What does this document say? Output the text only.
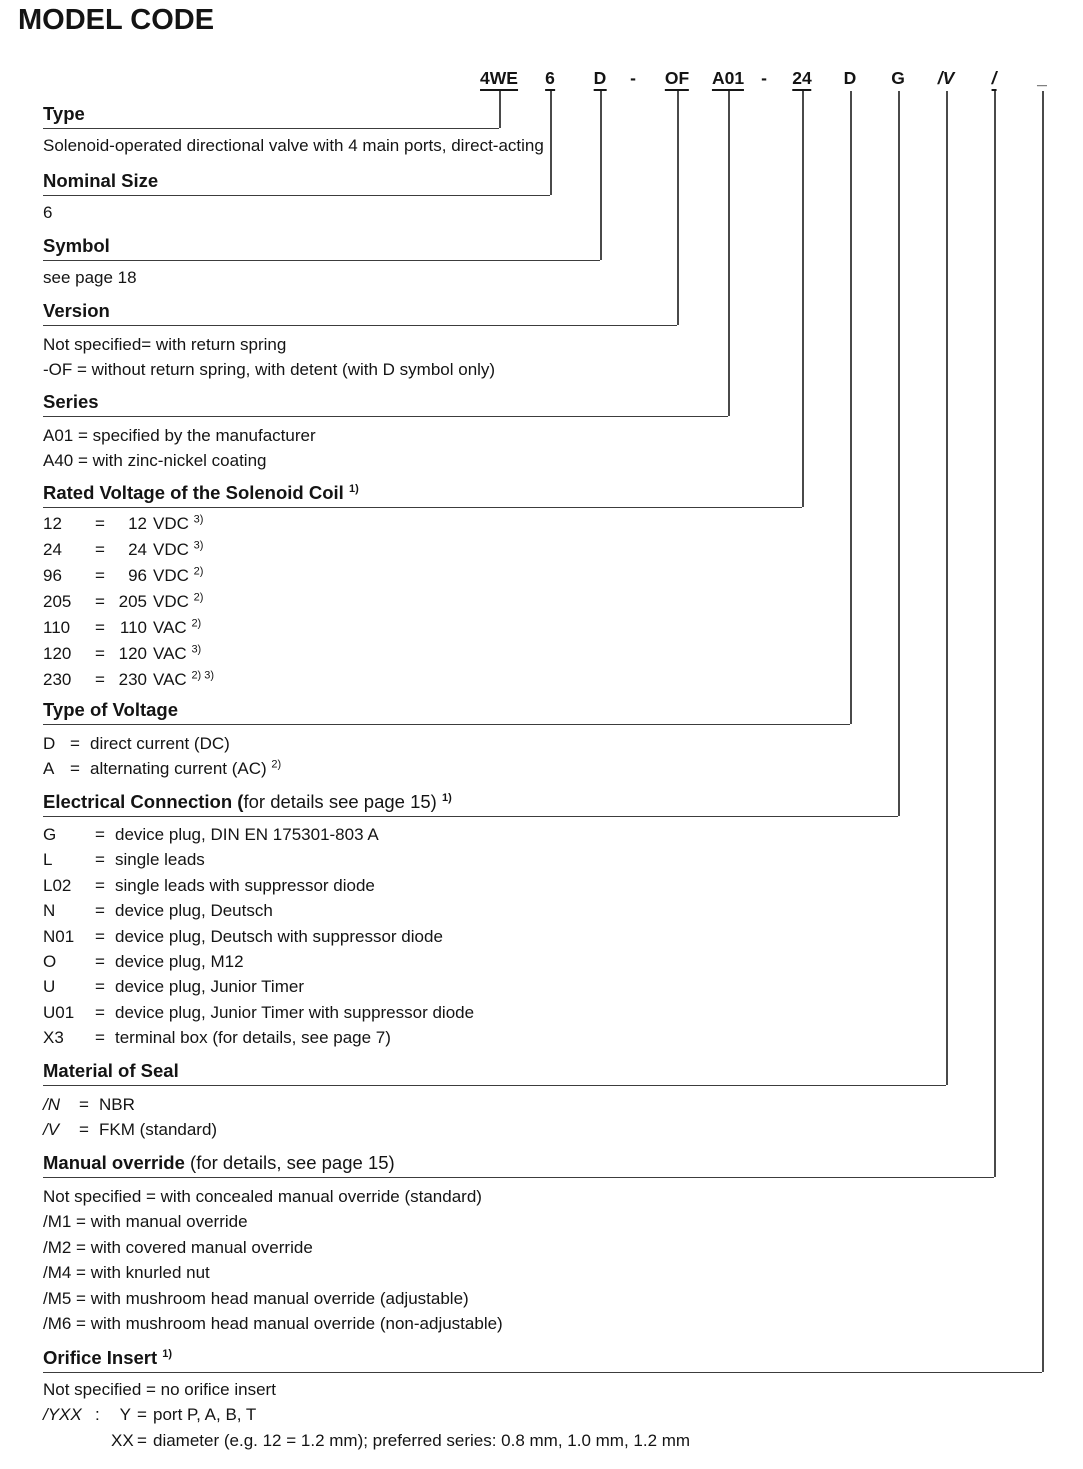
MODEL CODE
4WE 6 D - OF A01 - 24 D G /V / _
Type
Solenoid-operated directional valve with 4 main ports, direct-acting
Nominal Size
6
Symbol
see page 18
Version
Not specified= with return spring
-OF = without return spring, with detent (with D symbol only)
Series
A01 = specified by the manufacturer
A40 = with zinc-nickel coating
Rated Voltage of the Solenoid Coil $^{1)}$
12 = 12 VDC $^{3)}$
24 = 24 VDC $^{3)}$
96 = 96 VDC $^{2)}$
205 = 205 VDC $^{2)}$
110 = 110 VAC $^{2)}$
120 = 120 VAC $^{3)}$
230 = 230 VAC $^{2) 3)}$
Type of Voltage
D = direct current (DC)
A = alternating current (AC) $^{2)}$
Electrical Connection (for details see page 15) $^{1)}$
G = device plug, DIN EN 175301-803 A
L	= single leads
L02 = single leads with suppressor diode
N = device plug, Deutsch
N01 = device plug, Deutsch with suppressor diode
O = device plug, M12
U = device plug, Junior Timer
U01 = device plug, Junior Timer with suppressor diode
X3 = terminal box (for details, see page 7)
Material of Seal
/N = NBR
/V = FKM (standard)
Manual override (for details, see page 15)
Not specified = with concealed manual override (standard)
/M1 = with manual override
/M2 = with covered manual override
/M4 = with knurled nut
/M5 = with mushroom head manual override (adjustable)
/M6 = with mushroom head manual override (non-adjustable)
Orifice Insert $^{1)}$
Not specified = no orifice insert
/YXX : Y = port P, A, B, T
XX = diameter (e.g. 12 = 1.2 mm); preferred series: 0.8 mm, 1.0 mm, 1.2 mm
